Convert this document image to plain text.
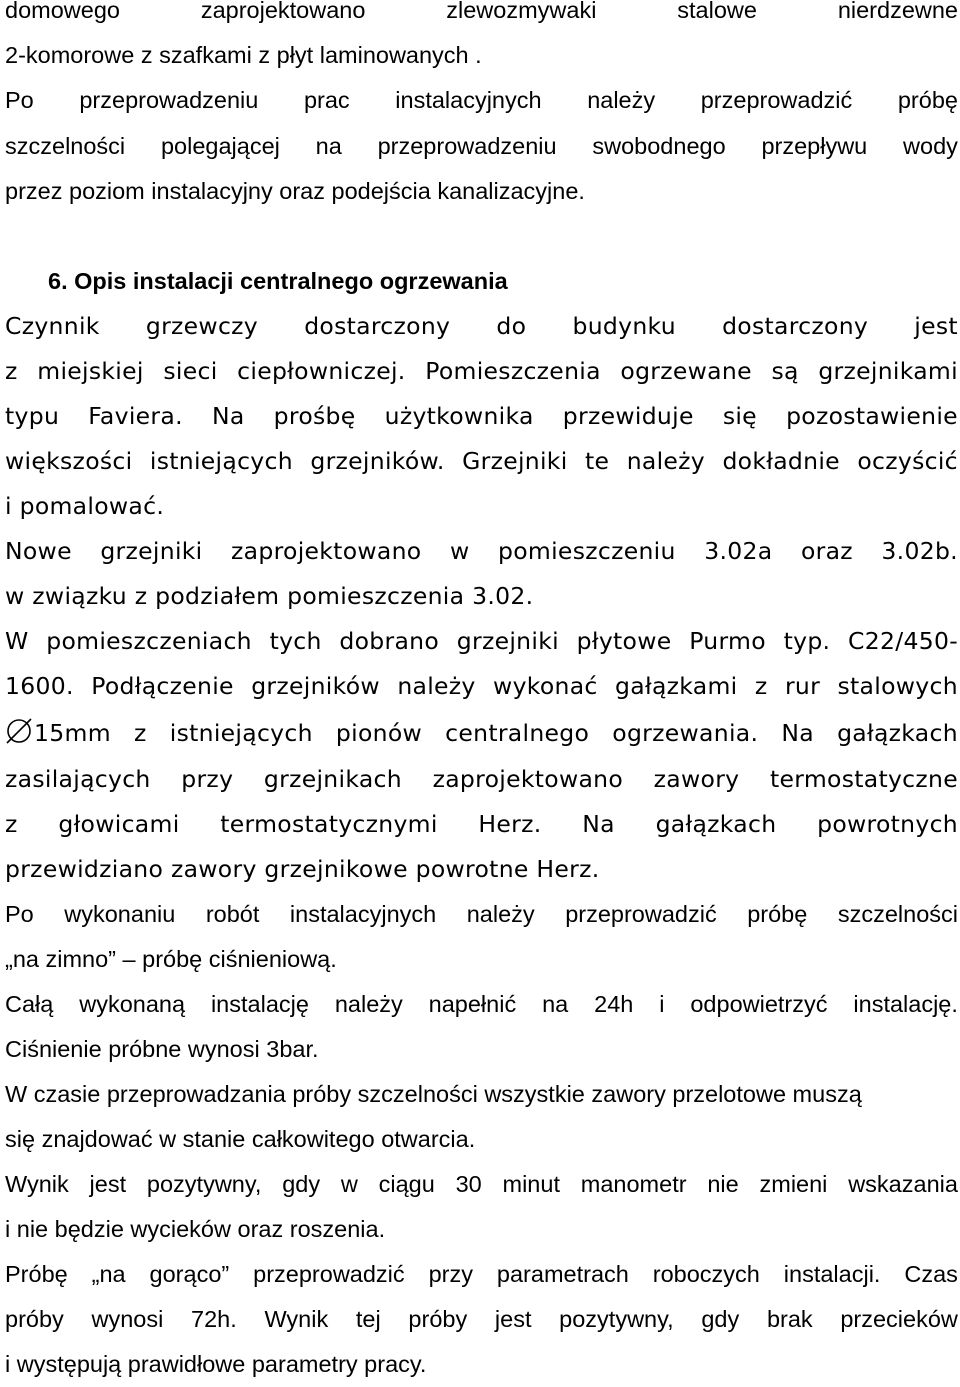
6. Opis instalacji centralnego ogrzewania
domowego	zaprojektowano	zlewozmywaki	stalowe	nierdzewne
2-komorowe z szafkami z płyt laminowanych .
Po przeprowadzeniu prac instalacyjnych należy przeprowadzić próbę
szczelności polegającej na przeprowadzeniu swobodnego przepływu wody
przez poziom instalacyjny oraz podejścia kanalizacyjne.
Czynnik grzewczy dostarczony do budynku dostarczony jest
z miejskiej sieci ciepłowniczej. Pomieszczenia ogrzewane są grzejnikami
typu Faviera. Na prośbę użytkownika przewiduje się pozostawienie
większości istniejących grzejników. Grzejniki te należy dokładnie oczyścić
i pomalować.
Nowe grzejniki zaprojektowano w pomieszczeniu 3.02a oraz 3.02b.
w związku z podziałem pomieszczenia 3.02.
W pomieszczeniach tych dobrano grzejniki płytowe Purmo typ. C22/450-
1600. Podłączenie grzejników należy wykonać gałązkami z rur stalowych
15mm z istniejących pionów centralnego ogrzewania. Na gałązkach
zasilających przy grzejnikach zaprojektowano zawory termostatyczne
z głowicami termostatycznymi Herz. Na gałązkach powrotnych
przewidziano zawory grzejnikowe powrotne Herz.
Po wykonaniu robót instalacyjnych należy przeprowadzić próbę szczelności
„na zimno” – próbę ciśnieniową.
Całą wykonaną instalację należy napełnić na 24h i odpowietrzyć instalację.
Ciśnienie próbne wynosi 3bar.
W czasie przeprowadzania próby szczelności wszystkie zawory przelotowe muszą
się znajdować w stanie całkowitego otwarcia.
Wynik jest pozytywny, gdy w ciągu 30 minut manometr nie zmieni wskazania
i nie będzie wycieków oraz roszenia.
Próbę „na gorąco” przeprowadzić przy parametrach roboczych instalacji. Czas
próby wynosi 72h. Wynik tej próby jest pozytywny, gdy brak przecieków
i występują prawidłowe parametry pracy.
